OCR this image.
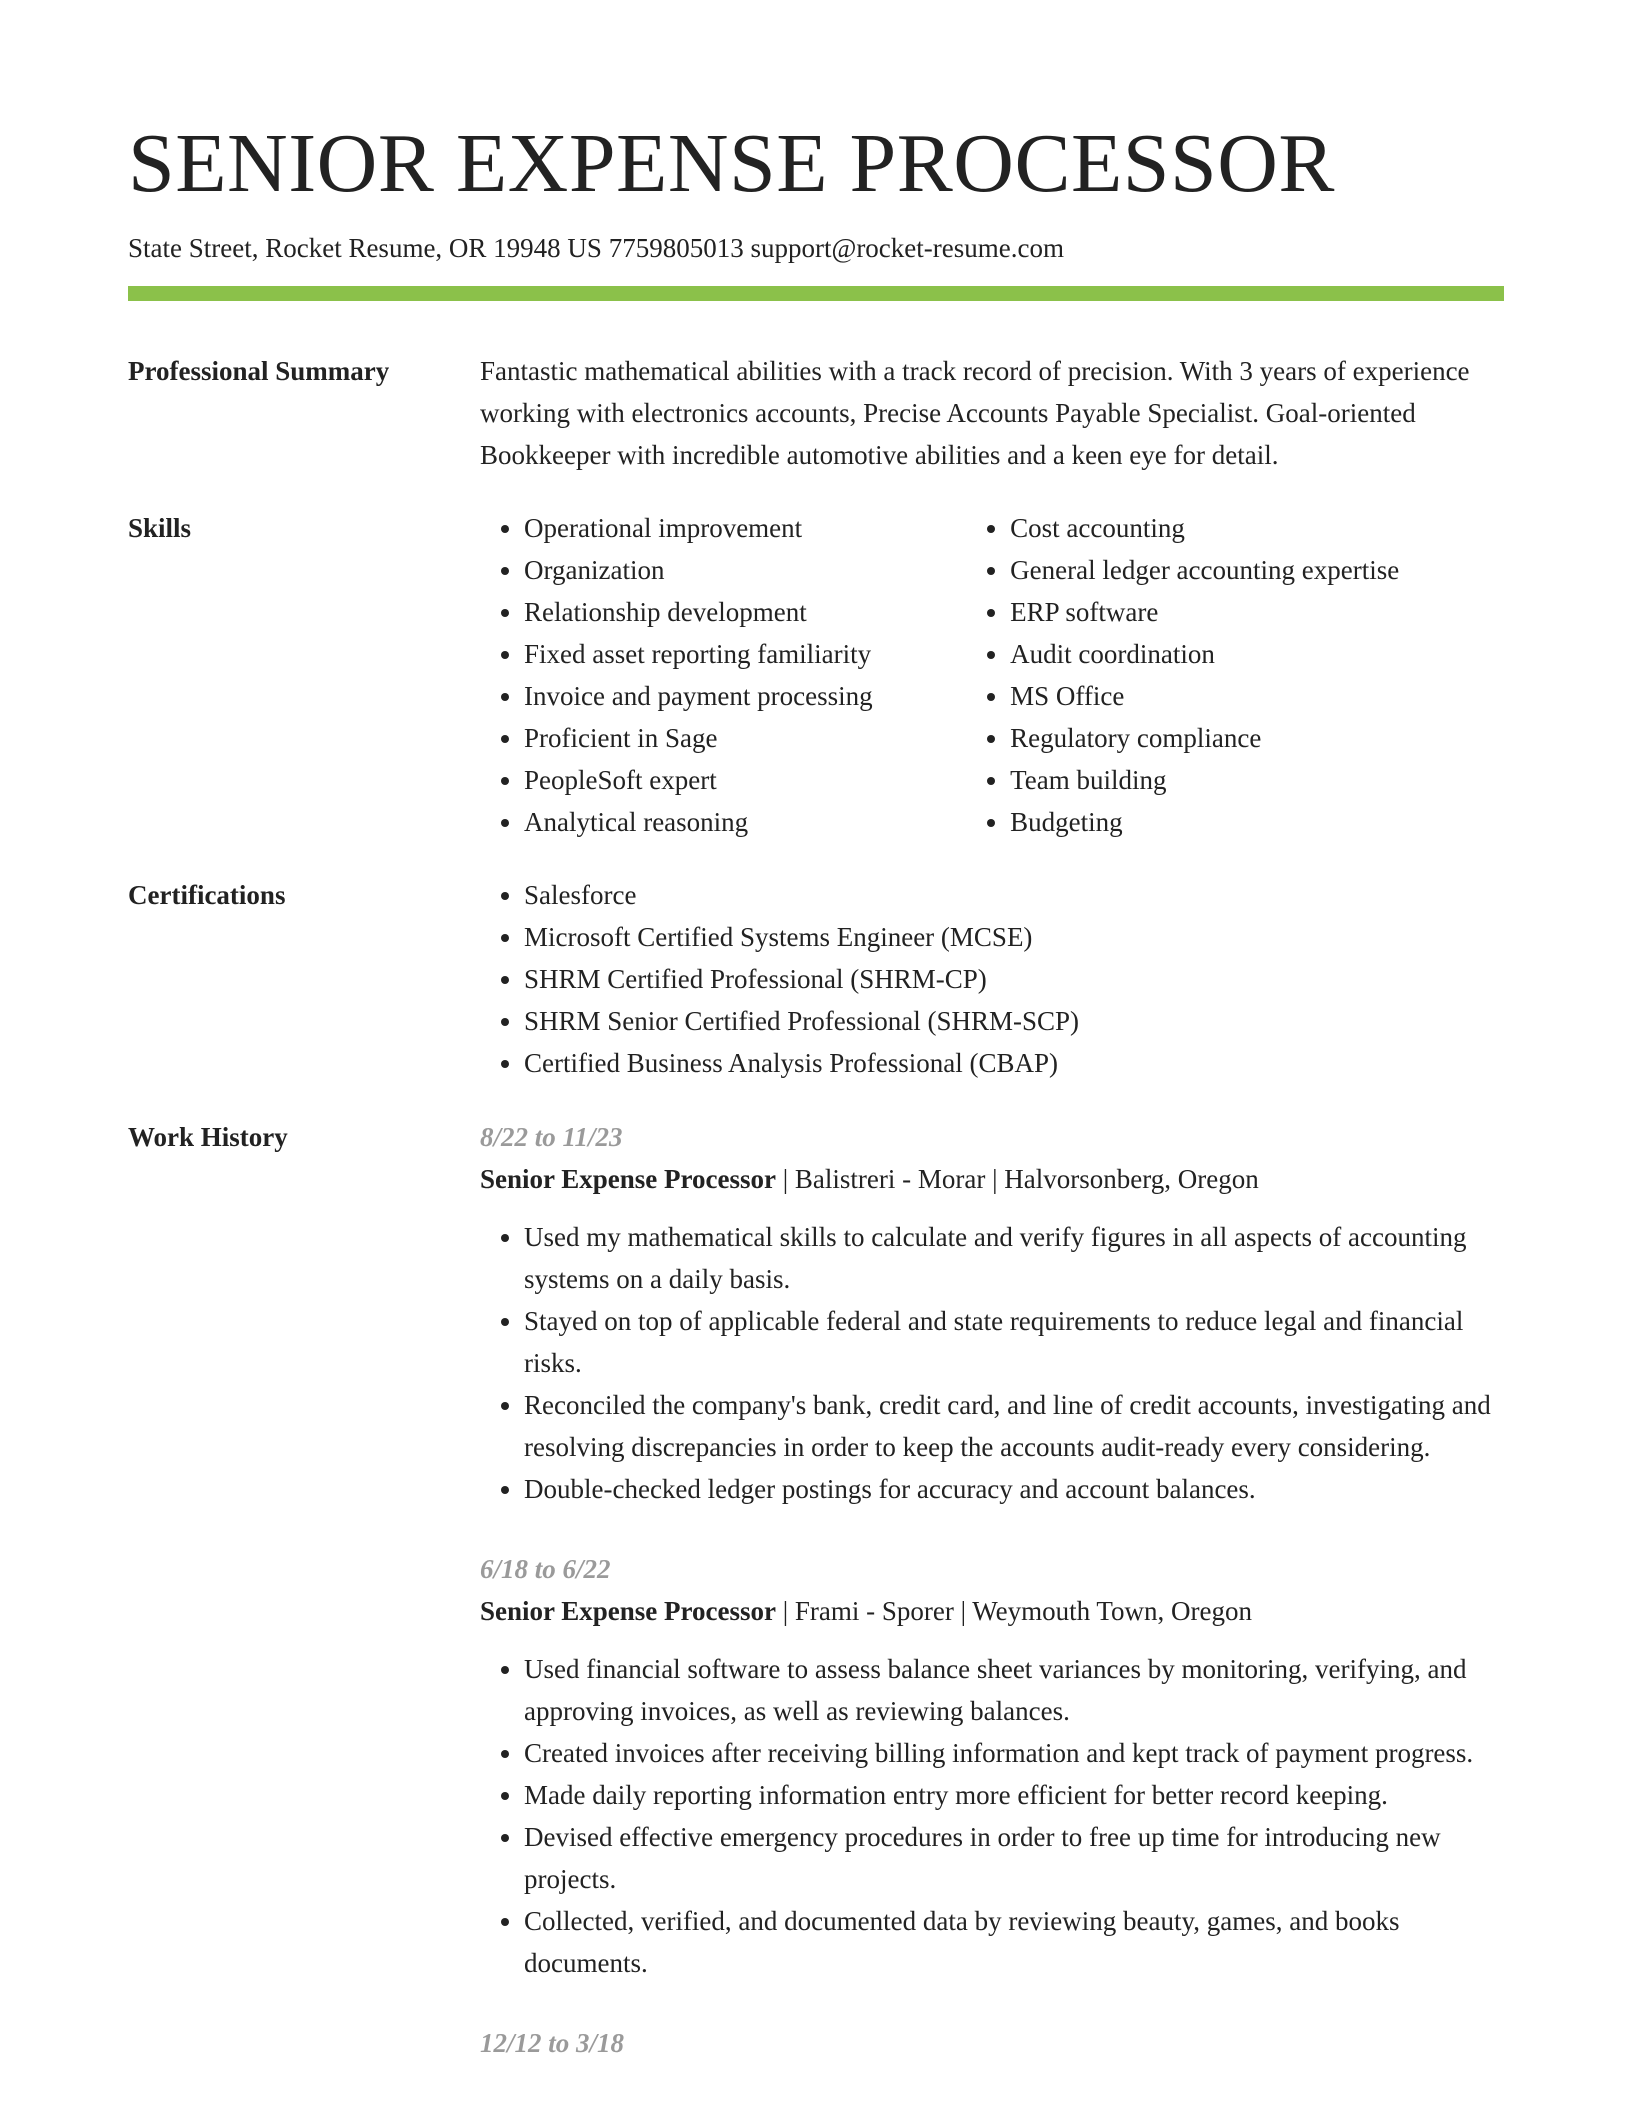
SENIOR EXPENSE PROCESSOR
State Street, Rocket Resume, OR 19948 US 7759805013 support@rocket-resume.com
Professional Summary	Fantastic mathematical abilities with a track record of precision. With 3 years of experience working with electronics accounts, Precise Accounts Payable Specialist. Goal-oriented Bookkeeper with incredible automotive abilities and a keen eye for detail.

Skills	• Operational improvement
• Organization
• Relationship development
• Fixed asset reporting familiarity
• Invoice and payment processing
• Proficient in Sage
• PeopleSoft expert
• Analytical reasoning
• Cost accounting
• General ledger accounting expertise
• ERP software
• Audit coordination
• MS Office
• Regulatory compliance
• Team building
• Budgeting
Certifications	• Salesforce
• Microsoft Certified Systems Engineer (MCSE)
• SHRM Certified Professional (SHRM-CP)
• SHRM Senior Certified Professional (SHRM-SCP)
• Certified Business Analysis Professional (CBAP)
Work History	8/22 to 11/23
Senior Expense Processor | Balistreri - Morar | Halvorsonberg, Oregon
• Used my mathematical skills to calculate and verify figures in all aspects of accounting systems on a daily basis.
• Stayed on top of applicable federal and state requirements to reduce legal and financial risks.
• Reconciled the company's bank, credit card, and line of credit accounts, investigating and resolving discrepancies in order to keep the accounts audit-ready every considering.
• Double-checked ledger postings for accuracy and account balances.
6/18 to 6/22
Senior Expense Processor | Frami - Sporer | Weymouth Town, Oregon
• Used financial software to assess balance sheet variances by monitoring, verifying, and approving invoices, as well as reviewing balances.
• Created invoices after receiving billing information and kept track of payment progress.
• Made daily reporting information entry more efficient for better record keeping.
• Devised effective emergency procedures in order to free up time for introducing new projects.
• Collected, verified, and documented data by reviewing beauty, games, and books documents.
12/12 to 3/18
